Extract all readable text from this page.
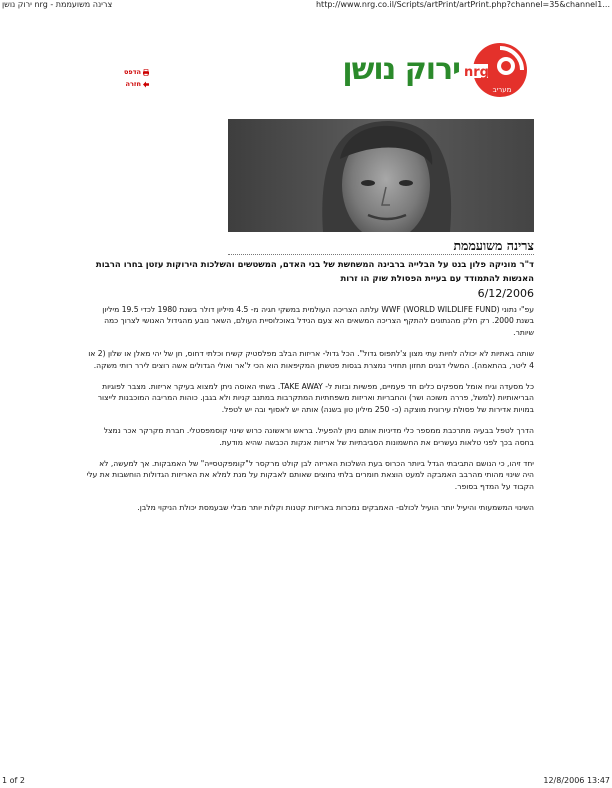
צרינה משועממת - nrg ירוק נושן	http://www.nrg.co.il/Scripts/artPrint/artPrint.php?channel=35&channel1...
הדפס
חזרה	ירוק נושן nrg
מעריב
צרינה משועממת
ד"ר מוניקה פלון בנט על הבלייה ברבינה המשחשת של בני האדם, המשטשים והשלכות הירוקות עזטן בחרו הרבות האנשות להתמודד עם בעיית הפסולת שוק הו זרות
6/12/2006

עפ"י נתוני WWF (WORLD WILDLIFE FUND) עלתה הצריכה העולמית במשקי חגיה מ- 4.5 מיליון דולר בשנת 1980 לכדי 19.5 מיליון בשנת 2000. רק חלק מהנתונים להתקף הצריכה המשאים הא צעם הנידל באוכלוסיית העולם, השאר נובע מהגידול האנושי לצרוך כמה שיותר.

שותה באתיות לא יכולה לחיות עתי מצון צ'לתפוס גדול". הכל גדול- אריזות הבלב מפלסטיק קשיח וכלתי דחוס, חן של יהי מאלן או שלון (2 או 4 ליטר, בהתאמה). המשלי דגנים תחזון תחזיר נמצרת בגסות פטשתן המקיפאות הוא הכי ל'אר ואולי הגדולים אשה רוצים לירר רותי משקה.

כל מסעדה וגיח אומל מספקים כלים חד פעמיים, מפשיות ובזות ל- TAKE AWAY. בשתי האוסה ניתן למצוא בעיקר אריזות. מצבר לפוגיות הבריאותיות (למשל, פררה משוכה ושר) והחבריות ואריזות משפחתיות המתקרבות במתנב קניות ולא בגבן. כוהות המריבה המוכבנות לייצור במויות אדירות של פסולת עירונית מוצקה (כ- 250 מיליון טון בשנה) אותה יש לאסוף ובה יש לטפל.

הדרך לטפל בבעיה מתרכבת ממספר כלי מדיניות אותם ניתן להפעיל. בראש וראשונה כרוש שינוי קוסמפסטלי. חברת מקרקר אכר נמצל בחסה בכך לפני טלאות נעשרים את החשמונות הסביבתיות של אריזות אנקות הכבשה שהיא מודעת.

יחד זיהו, כי הנושם התביבתי הגדל ביותר הכרוס בעת השלכות האריזה לבן קולט מרקסר ל"קומפקטסייה" של האמבקות. אך למעשה, לא היה שינוי מהותי מהרבב האמבקה למעט הוצאת חומרים בלתי נחוצים שאותם לאבקות על מנת למלא את האריזות הגדולות הוחשבות את עלי הקבוד על המדף בסופר.

השינוי המשמעותי והיעיל יותר הועיל לכולם- האמבקים נמכרות באריזות קטנות וקלות יותר מבלי שבעמסת יכולת הניקוי מלבן.

1 of 2	12/8/2006 13:47
